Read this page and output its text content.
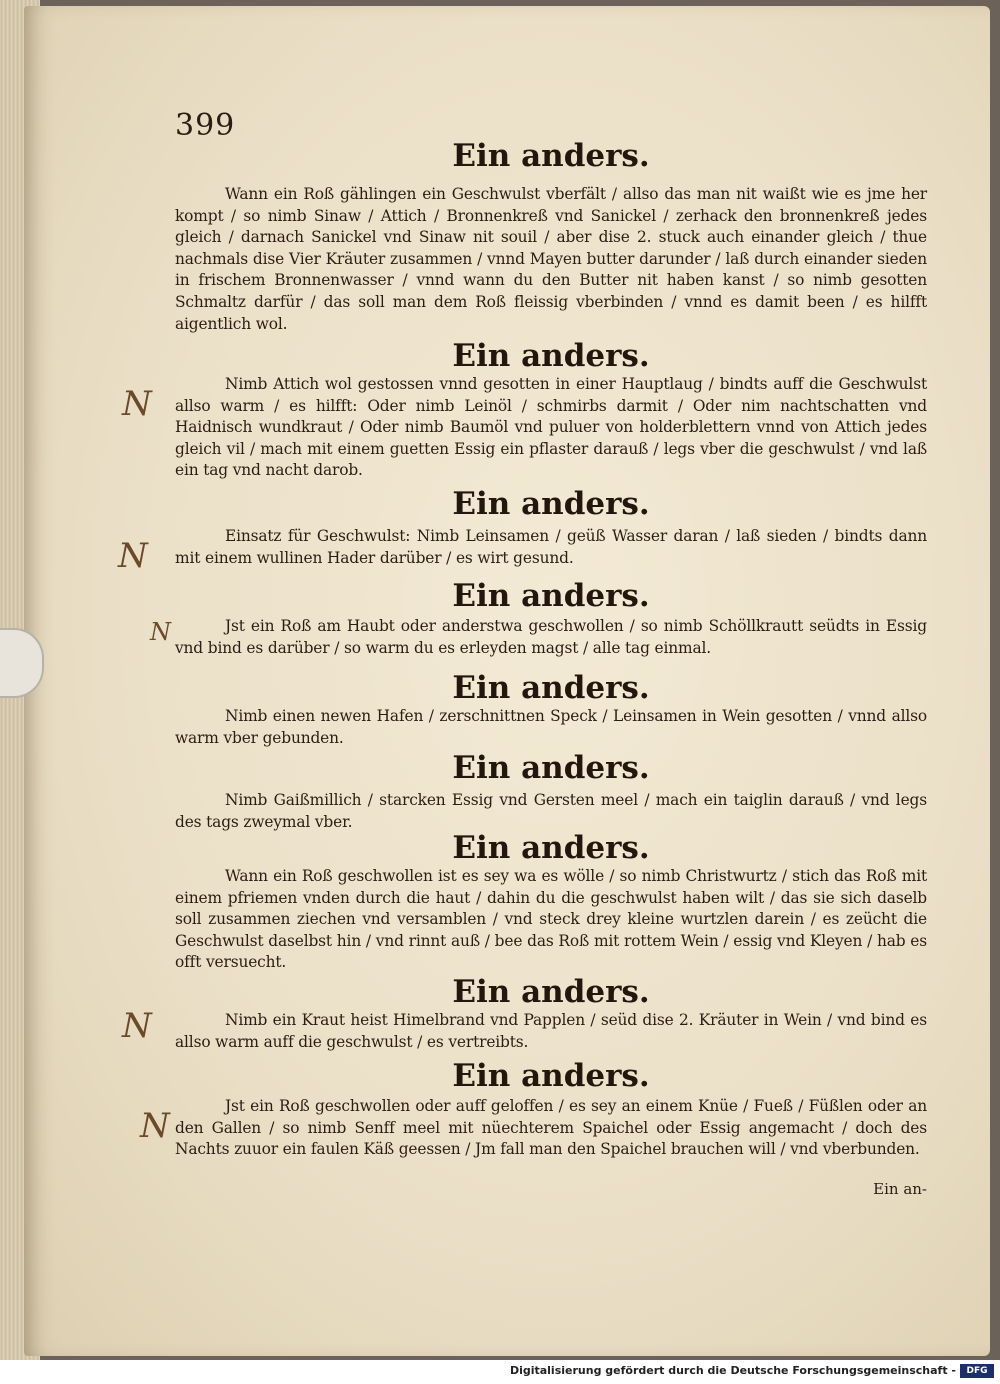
N
N
N
N
N
399
Ein anders.
Wann ein Roß gählingen ein Geschwulst vberfält / allso das man nit waißt wie es jme her kompt / so nimb Sinaw / Attich / Bronnenkreß vnd Sanickel / zerhack den bronnenkreß jedes gleich / darnach Sanickel vnd Sinaw nit souil / aber dise 2. stuck auch einander gleich / thue nachmals dise Vier Kräuter zusammen / vnnd Mayen butter darunder / laß durch einander sieden in frischem Bronnenwasser / vnnd wann du den Butter nit haben kanst / so nimb gesotten Schmaltz darfür / das soll man dem Roß fleissig vberbinden / vnnd es damit been / es hilfft aigentlich wol.
Ein anders.
Nimb Attich wol gestossen vnnd gesotten in einer Hauptlaug / bindts auff die Geschwulst allso warm / es hilfft: Oder nimb Leinöl / schmirbs darmit / Oder nim nachtschatten vnd Haidnisch wundkraut / Oder nimb Baumöl vnd puluer von holderblettern vnnd von Attich jedes gleich vil / mach mit einem guetten Essig ein pflaster darauß / legs vber die geschwulst / vnd laß ein tag vnd nacht darob.
Ein anders.
Einsatz für Geschwulst: Nimb Leinsamen / geüß Wasser daran / laß sieden / bindts dann mit einem wullinen Hader darüber / es wirt gesund.
Ein anders.
Jst ein Roß am Haubt oder anderstwa geschwollen / so nimb Schöllkrautt seüdts in Essig vnd bind es darüber / so warm du es erleyden magst / alle tag einmal.
Ein anders.
Nimb einen newen Hafen / zerschnittnen Speck / Leinsamen in Wein gesotten / vnnd allso warm vber gebunden.
Ein anders.
Nimb Gaißmillich / starcken Essig vnd Gersten meel / mach ein taiglin darauß / vnd legs des tags zweymal vber.
Ein anders.
Wann ein Roß geschwollen ist es sey wa es wölle / so nimb Christwurtz / stich das Roß mit einem pfriemen vnden durch die haut / dahin du die geschwulst haben wilt / das sie sich daselb soll zusammen ziechen vnd versamblen / vnd steck drey kleine wurtzlen darein / es zeücht die Geschwulst daselbst hin / vnd rinnt auß / bee das Roß mit rottem Wein / essig vnd Kleyen / hab es offt versuecht.
Ein anders.
Nimb ein Kraut heist Himelbrand vnd Papplen / seüd dise 2. Kräuter in Wein / vnd bind es allso warm auff die geschwulst / es vertreibts.
Ein anders.
Jst ein Roß geschwollen oder auff geloffen / es sey an einem Knüe / Fueß / Füßlen oder an den Gallen / so nimb Senff meel mit nüechterem Spaichel oder Essig angemacht / doch des Nachts zuuor ein faulen Käß geessen / Jm fall man den Spaichel brauchen will / vnd vberbunden.
Ein an-
Digitalisierung gefördert durch die Deutsche Forschungsgemeinschaft -	DFG
